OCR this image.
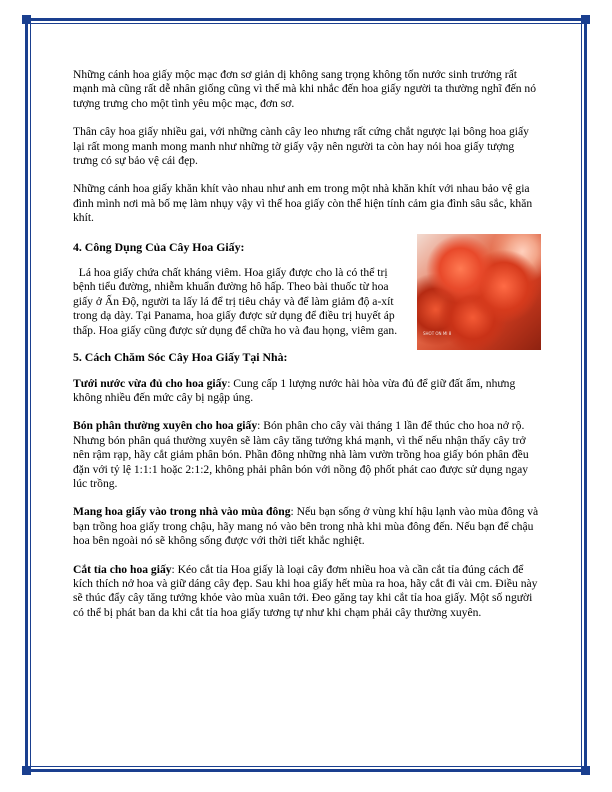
Những cánh hoa giấy mộc mạc đơn sơ giản dị không sang trọng không tốn nước sinh trưởng rất mạnh mà cũng rất dễ nhân giống cũng vì thế mà khi nhắc đến hoa giấy người ta thường nghĩ đến nó tượng trưng cho một tình yêu mộc mạc, đơn sơ.

Thân cây hoa giấy nhiều gai, với những cành cây leo nhưng rất cứng chắt ngược lại bông hoa giấy lại rất mong manh mong manh như những tờ giấy vậy nên người ta còn hay nói hoa giấy tượng trưng có sự bảo vệ cái đẹp.

Những cánh hoa giấy khăn khít vào nhau như anh em trong một nhà khăn khít với nhau bảo vệ gia đình mình nơi mà bố mẹ làm nhụy vậy vì thế hoa giấy còn thể hiện tính cảm gia đình sâu sắc, khăn khít.

SHOT ON MI 8
4. Công Dụng Của Cây Hoa Giấy:

Lá hoa giấy chứa chất kháng viêm. Hoa giấy được cho là có thể trị bệnh tiểu đường, nhiễm khuẩn đường hô hấp. Theo bài thuốc từ hoa giấy ở Ấn Độ, người ta lấy lá để trị tiêu chảy và để làm giảm độ a-xít trong dạ dày. Tại Panama, hoa giấy được sử dụng để điều trị huyết áp thấp. Hoa giấy cũng được sử dụng để chữa ho và đau họng, viêm gan.

5. Cách Chăm Sóc Cây Hoa Giấy Tại Nhà:

Tưới nước vừa đủ cho hoa giấy: Cung cấp 1 lượng nước hài hòa vừa đủ để giữ đất ẩm, nhưng không nhiều đến mức cây bị ngập úng.

Bón phân thường xuyên cho hoa giấy: Bón phân cho cây vài tháng 1 lần để thúc cho hoa nở rộ. Nhưng bón phân quá thường xuyên sẽ làm cây tăng tưởng khá mạnh, vì thế nếu nhận thấy cây trở nên rậm rạp, hãy cắt giảm phân bón. Phần đông những nhà làm vườn trồng hoa giấy bón phân đều đặn với tỷ lệ 1:1:1 hoặc 2:1:2, không phải phân bón với nồng độ phốt phát cao được sử dụng ngay lúc trồng.

Mang hoa giấy vào trong nhà vào mùa đông: Nếu bạn sống ở vùng khí hậu lạnh vào mùa đông và bạn trồng hoa giấy trong chậu, hãy mang nó vào bên trong nhà khi mùa đông đến. Nếu bạn để chậu hoa bên ngoài nó sẽ không sống được với thời tiết khắc nghiệt.

Cắt tỉa cho hoa giấy: Kéo cắt tỉa Hoa giấy là loại cây đơm nhiều hoa và cần cắt tỉa đúng cách để kích thích nở hoa và giữ dáng cây đẹp. Sau khi hoa giấy hết mùa ra hoa, hãy cắt đi vài cm. Điều này sẽ thúc đẩy cây tăng tưởng khỏe vào mùa xuân tới. Đeo găng tay khi cắt tỉa hoa giấy. Một số người có thể bị phát ban da khi cắt tỉa hoa giấy tương tự như khi chạm phải cây thường xuyên.
